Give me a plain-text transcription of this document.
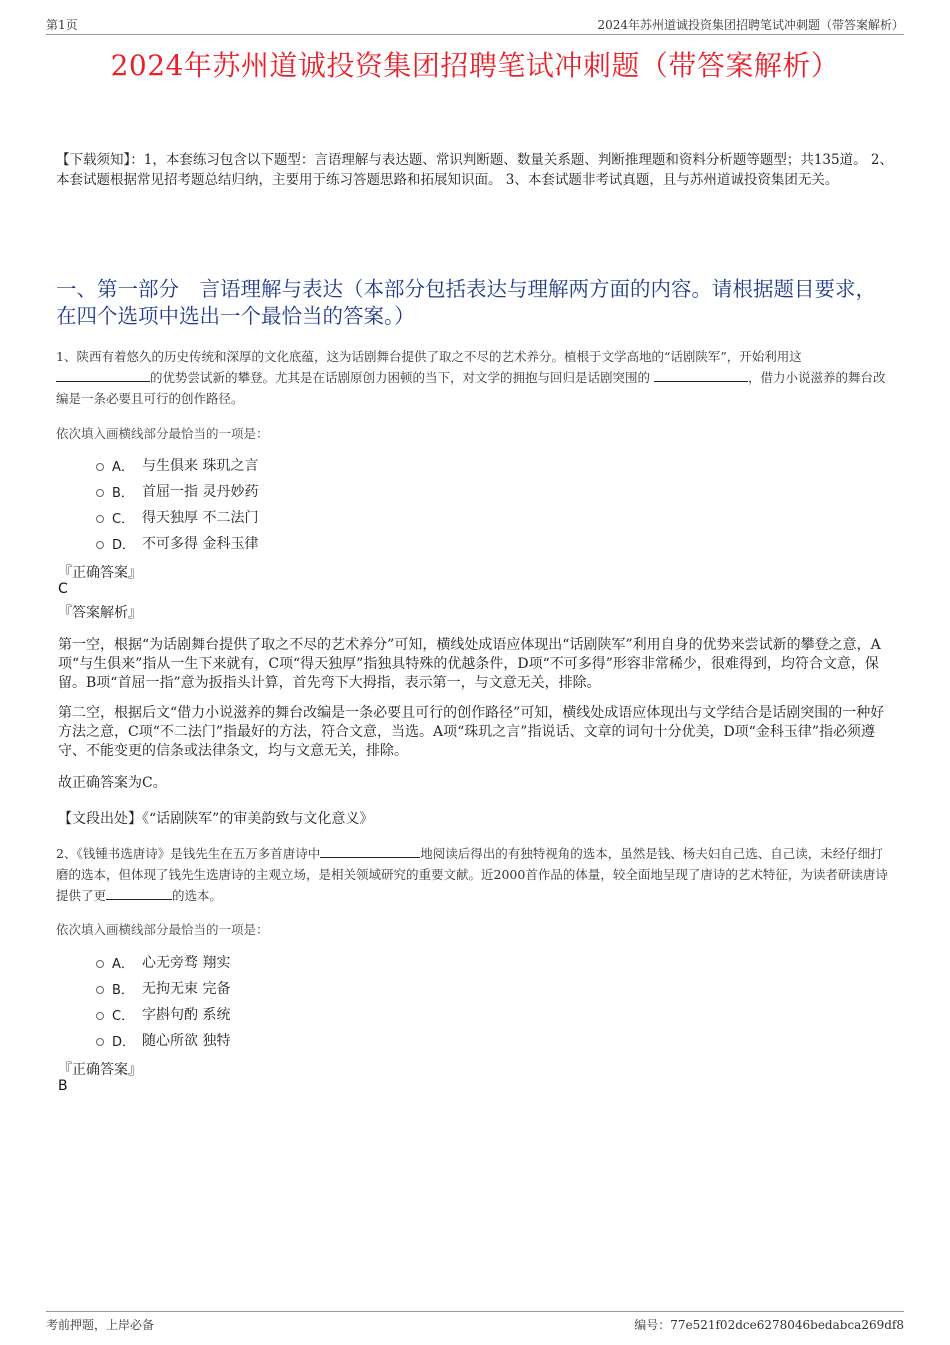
第1页	2024年苏州道诚投资集团招聘笔试冲刺题（带答案解析）
2024年苏州道诚投资集团招聘笔试冲刺题（带答案解析）
【下载须知】：1，本套练习包含以下题型：言语理解与表达题、常识判断题、数量关系题、判断推理题和资料分析题等题型；共135道。 2、本套试题根据常见招考题总结归纳，主要用于练习答题思路和拓展知识面。 3、本套试题非考试真题，且与苏州道诚投资集团无关。
一、第一部分　言语理解与表达（本部分包括表达与理解两方面的内容。请根据题目要求，在四个选项中选出一个最恰当的答案。）
1、陕西有着悠久的历史传统和深厚的文化底蕴，这为话剧舞台提供了取之不尽的艺术养分。植根于文学高地的“话剧陕军”，开始利用这
的优势尝试新的攀登。尤其是在话剧原创力困顿的当下，对文学的拥抱与回归是话剧突围的	，借力小说滋养的舞台改编是一条必要且可行的创作路径。
依次填入画横线部分最恰当的一项是：
A． 与生俱来 珠玑之言
B． 首屈一指 灵丹妙药
C． 得天独厚 不二法门
D． 不可多得 金科玉律
『正确答案』
C
『答案解析』
第一空，根据“为话剧舞台提供了取之不尽的艺术养分”可知，横线处成语应体现出“话剧陕军”利用自身的优势来尝试新的攀登之意，A项“与生俱来”指从一生下来就有，C项“得天独厚”指独具特殊的优越条件，D项“不可多得”形容非常稀少，很难得到，均符合文意，保留。B项“首屈一指”意为扳指头计算，首先弯下大拇指，表示第一，与文意无关，排除。
第二空，根据后文“借力小说滋养的舞台改编是一条必要且可行的创作路径”可知，横线处成语应体现出与文学结合是话剧突围的一种好方法之意，C项“不二法门”指最好的方法，符合文意，当选。A项“珠玑之言”指说话、文章的词句十分优美，D项“金科玉律”指必须遵守、不能变更的信条或法律条文，均与文意无关，排除。
故正确答案为C。
【文段出处】《“话剧陕军”的审美韵致与文化意义》
2、《钱锺书选唐诗》是钱先生在五万多首唐诗中	地阅读后得出的有独特视角的选本，虽然是钱、杨夫妇自己选、自己读，未经仔细打磨的选本，但体现了钱先生选唐诗的主观立场，是相关领域研究的重要文献。近2000首作品的体量，较全面地呈现了唐诗的艺术特征，为读者研读唐诗提供了更	的选本。
依次填入画横线部分最恰当的一项是：
A． 心无旁骛 翔实
B． 无拘无束 完备
C． 字斟句酌 系统
D． 随心所欲 独特
『正确答案』
B
考前押题，上岸必备	编号：77e521f02dce6278046bedabca269df8
